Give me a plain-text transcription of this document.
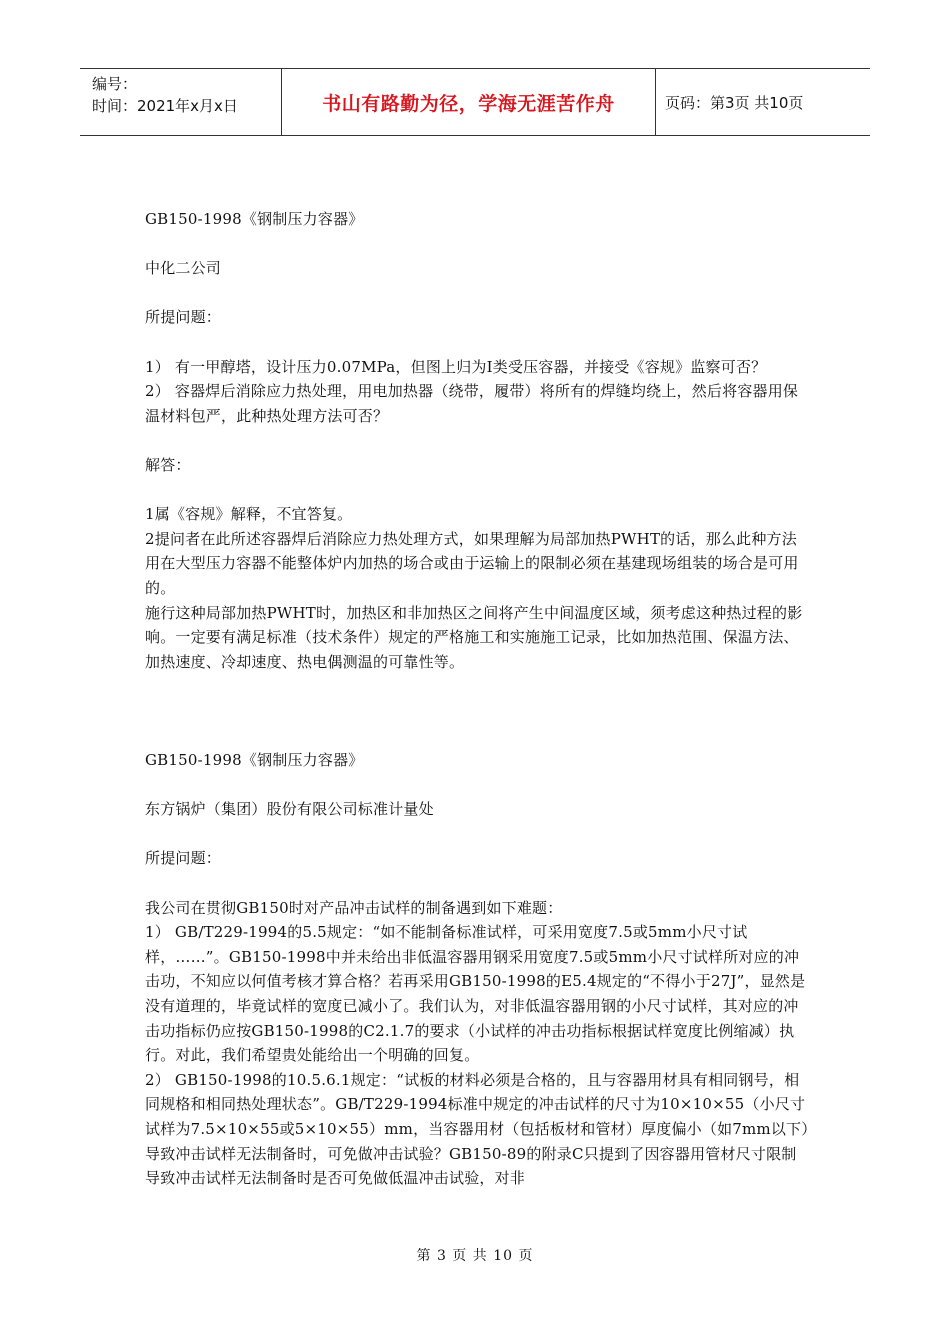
编号：
时间：2021年x月x日	书山有路勤为径，学海无涯苦作舟	页码：第3页 共10页

GB150-1998《钢制压力容器》

中化二公司

所提问题：

1） 有一甲醇塔，设计压力0.07MPa，但图上归为Ⅰ类受压容器，并接受《容规》监察可否？

2） 容器焊后消除应力热处理，用电加热器（绕带，履带）将所有的焊缝均绕上，然后将容器用保温材料包严，此种热处理方法可否？

解答：

1属《容规》解释，不宜答复。

2提问者在此所述容器焊后消除应力热处理方式，如果理解为局部加热PWHT的话，那么此种方法用在大型压力容器不能整体炉内加热的场合或由于运输上的限制必须在基建现场组装的场合是可用的。

施行这种局部加热PWHT时，加热区和非加热区之间将产生中间温度区域，须考虑这种热过程的影响。一定要有满足标准（技术条件）规定的严格施工和实施施工记录，比如加热范围、保温方法、加热速度、冷却速度、热电偶测温的可靠性等。

GB150-1998《钢制压力容器》

东方锅炉（集团）股份有限公司标准计量处

所提问题：

我公司在贯彻GB150时对产品冲击试样的制备遇到如下难题：

1） GB/T229-1994的5.5规定：“如不能制备标准试样，可采用宽度7.5或5mm小尺寸试样，……”。GB150-1998中并未给出非低温容器用钢采用宽度7.5或5mm小尺寸试样所对应的冲击功，不知应以何值考核才算合格？若再采用GB150-1998的E5.4规定的“不得小于27J”，显然是没有道理的，毕竟试样的宽度已减小了。我们认为，对非低温容器用钢的小尺寸试样，其对应的冲击功指标仍应按GB150-1998的C2.1.7的要求（小试样的冲击功指标根据试样宽度比例缩减）执行。对此，我们希望贵处能给出一个明确的回复。

2） GB150-1998的10.5.6.1规定：“试板的材料必须是合格的，且与容器用材具有相同钢号，相同规格和相同热处理状态”。GB/T229-1994标准中规定的冲击试样的尺寸为10×10×55（小尺寸试样为7.5×10×55或5×10×55）mm，当容器用材（包括板材和管材）厚度偏小（如7mm以下）导致冲击试样无法制备时，可免做冲击试验？GB150-89的附录C只提到了因容器用管材尺寸限制导致冲击试样无法制备时是否可免做低温冲击试验，对非

第 3 页 共 10 页
